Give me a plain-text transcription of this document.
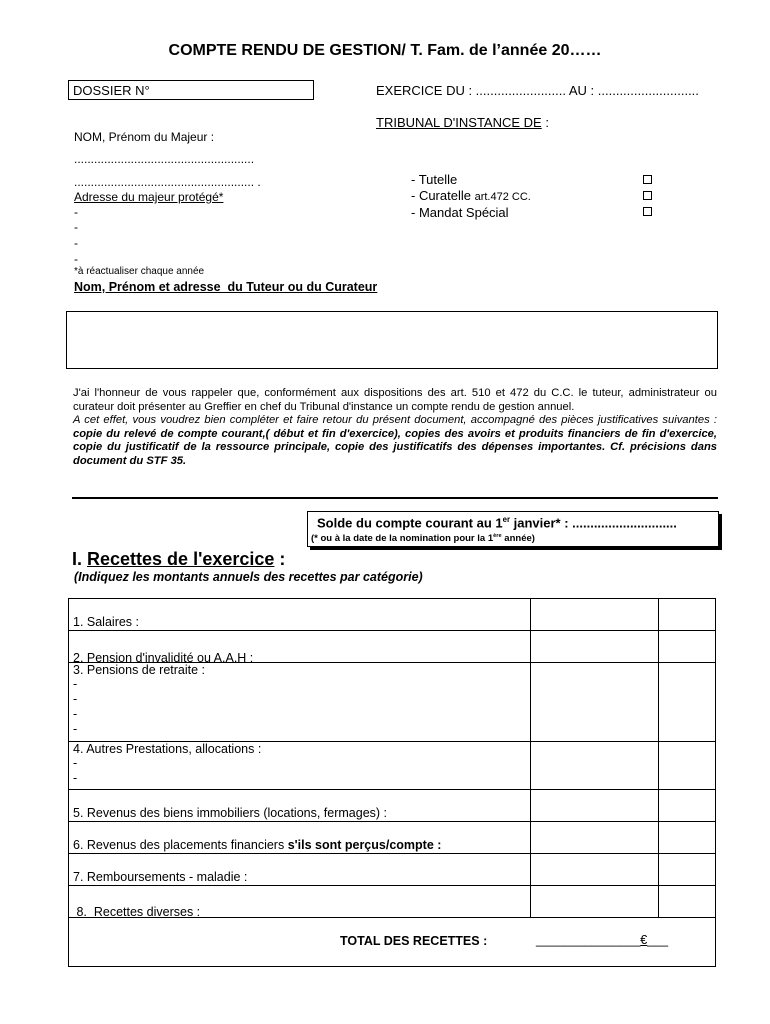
COMPTE RENDU DE GESTION/ T. Fam. de l’année 20……
DOSSIER N°	EXERCICE DU : ......................... AU : ............................
TRIBUNAL D'INSTANCE DE :
NOM, Prénom du Majeur :
......................................................
...................................................... .
Adresse du majeur protégé*
-
-
-
-
*à réactualiser chaque année
- Tutelle
- Curatelle art.472 CC.
- Mandat Spécial
Nom, Prénom et adresse  du Tuteur ou du Curateur
J'ai l'honneur de vous rappeler que, conformément aux dispositions des art. 510 et 472 du C.C. le tuteur, administrateur ou curateur doit présenter au Greffier en chef du Tribunal d'instance un compte rendu de gestion annuel.
A cet effet, vous voudrez bien compléter et faire retour du présent document, accompagné des pièces justificatives suivantes : copie du relevé de compte courant,( début et fin d'exercice), copies des avoirs et produits financiers de fin d'exercice, copie du justificatif de la ressource principale, copie des justificatifs des dépenses importantes. Cf. précisions dans document du STF 35.
Solde du compte courant au 1er janvier* : .............................
(* ou à la date de la nomination pour la 1ère année)
I. Recettes de l'exercice :
(Indiquez les montants annuels des recettes par catégorie)
1. Salaires :		

2. Pension d'invalidité ou A.A.H :		

3. Pensions de retraite :
-
-
-
-		

4. Autres Prestations, allocations :
-
-		

5. Revenus des biens immobiliers (locations, fermages) :		

6. Revenus des placements financiers s'ils sont perçus/compte :		

7. Remboursements - maladie :		

8.  Recettes diverses :		

TOTAL DES RECETTES : _______________€___		
